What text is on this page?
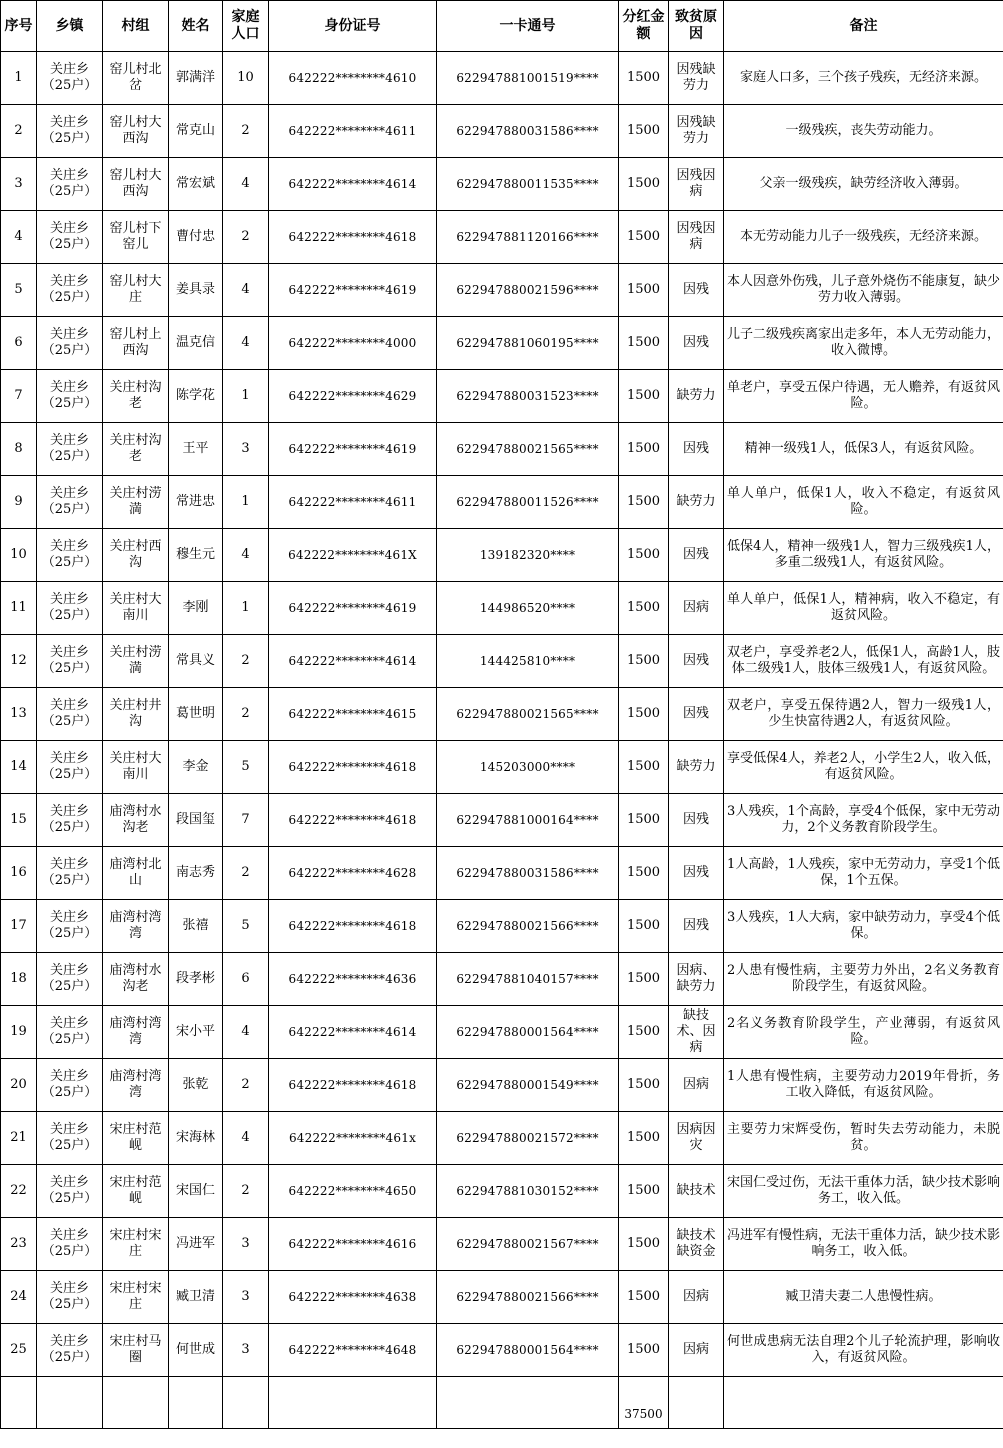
序号	乡镇	村组	姓名	家庭人口	身份证号	一卡通号	分红金额	致贫原因	备注
1	关庄乡（25户）	窑儿村北岔	郭满洋	10	642222********4610	622947881001519****	1500	因残缺劳力	家庭人口多，三个孩子残疾，无经济来源。
2	关庄乡（25户）	窑儿村大西沟	常克山	2	642222********4611	622947880031586****	1500	因残缺劳力	一级残疾，丧失劳动能力。
3	关庄乡（25户）	窑儿村大西沟	常宏斌	4	642222********4614	622947880011535****	1500	因残因病	父亲一级残疾，缺劳经济收入薄弱。
4	关庄乡（25户）	窑儿村下窑儿	曹付忠	2	642222********4618	622947881120166****	1500	因残因病	本无劳动能力儿子一级残疾，无经济来源。
5	关庄乡（25户）	窑儿村大庄	姜具录	4	642222********4619	622947880021596****	1500	因残	本人因意外伤残，儿子意外烧伤不能康复，缺少劳力收入薄弱。
6	关庄乡（25户）	窑儿村上西沟	温克信	4	642222********4000	622947881060195****	1500	因残	儿子二级残疾离家出走多年，本人无劳动能力，收入微博。
7	关庄乡（25户）	关庄村沟老	陈学花	1	642222********4629	622947880031523****	1500	缺劳力	单老户，享受五保户待遇，无人赡养，有返贫风险。
8	关庄乡（25户）	关庄村沟老	王平	3	642222********4619	622947880021565****	1500	因残	精神一级残1人，低保3人，有返贫风险。
9	关庄乡（25户）	关庄村涝満	常进忠	1	642222********4611	622947880011526****	1500	缺劳力	单人单户，低保1人，收入不稳定，有返贫风险。
10	关庄乡（25户）	关庄村西沟	穆生元	4	642222********461X	139182320****	1500	因残	低保4人，精神一级残1人，智力三级残疾1人，多重二级残1人，有返贫风险。
11	关庄乡（25户）	关庄村大南川	李刚	1	642222********4619	144986520****	1500	因病	单人单户，低保1人，精神病，收入不稳定，有返贫风险。
12	关庄乡（25户）	关庄村涝満	常具义	2	642222********4614	144425810****	1500	因残	双老户，享受养老2人，低保1人，高龄1人，肢体二级残1人，肢体三级残1人，有返贫风险。
13	关庄乡（25户）	关庄村井沟	葛世明	2	642222********4615	622947880021565****	1500	因残	双老户，享受五保待遇2人，智力一级残1人，少生快富待遇2人，有返贫风险。
14	关庄乡（25户）	关庄村大南川	李金	5	642222********4618	145203000****	1500	缺劳力	享受低保4人，养老2人，小学生2人，收入低，有返贫风险。
15	关庄乡（25户）	庙湾村水沟老	段国玺	7	642222********4618	622947881000164****	1500	因残	3人残疾，1个高龄，享受4个低保，家中无劳动力，2个义务教育阶段学生。
16	关庄乡（25户）	庙湾村北山	南志秀	2	642222********4628	622947880031586****	1500	因残	1人高龄，1人残疾，家中无劳动力，享受1个低保，1个五保。
17	关庄乡（25户）	庙湾村湾湾	张禧	5	642222********4618	622947880021566****	1500	因残	3人残疾，1人大病，家中缺劳动力，享受4个低保。
18	关庄乡（25户）	庙湾村水沟老	段孝彬	6	642222********4636	622947881040157****	1500	因病、缺劳力	2人患有慢性病，主要劳力外出，2名义务教育阶段学生，有返贫风险。
19	关庄乡（25户）	庙湾村湾湾	宋小平	4	642222********4614	622947880001564****	1500	缺技术、因病	2名义务教育阶段学生，产业薄弱，有返贫风险。
20	关庄乡（25户）	庙湾村湾湾	张乾	2	642222********4618	622947880001549****	1500	因病	1人患有慢性病，主要劳动力2019年骨折，务工收入降低，有返贫风险。
21	关庄乡（25户）	宋庄村范岘	宋海林	4	642222********461x	622947880021572****	1500	因病因灾	主要劳力宋辉受伤，暂时失去劳动能力，未脱贫。
22	关庄乡（25户）	宋庄村范岘	宋国仁	2	642222********4650	622947881030152****	1500	缺技术	宋国仁受过伤，无法干重体力活，缺少技术影响务工，收入低。
23	关庄乡（25户）	宋庄村宋庄	冯进军	3	642222********4616	622947880021567****	1500	缺技术缺资金	冯进军有慢性病，无法干重体力活，缺少技术影响务工，收入低。
24	关庄乡（25户）	宋庄村宋庄	臧卫清	3	642222********4638	622947880021566****	1500	因病	臧卫清夫妻二人患慢性病。
25	关庄乡（25户）	宋庄村马圈	何世成	3	642222********4648	622947880001564****	1500	因病	何世成患病无法自理2个儿子轮流护理，影响收入，有返贫风险。
							37500		
